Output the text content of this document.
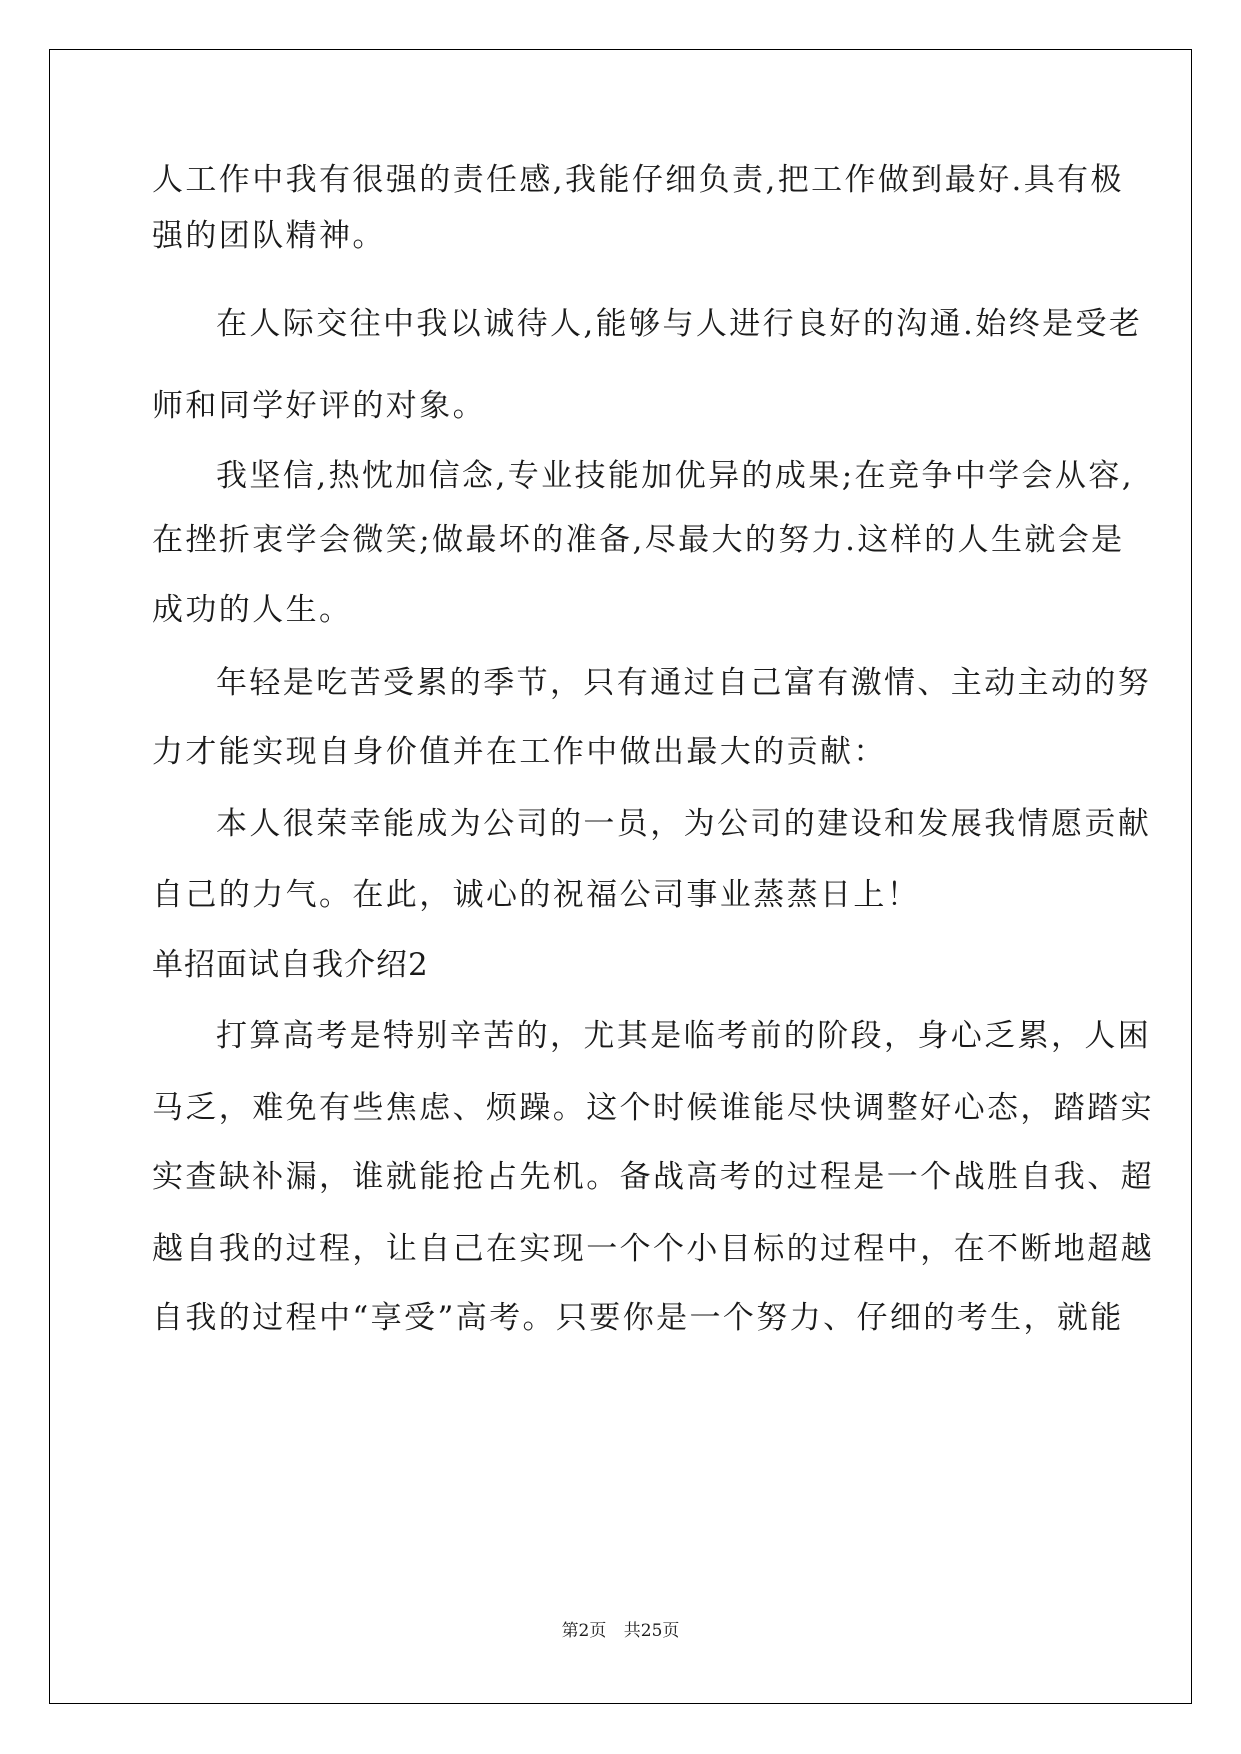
人工作中我有很强的责任感,我能仔细负责,把工作做到最好.具有极
强的团队精神。
在人际交往中我以诚待人,能够与人进行良好的沟通.始终是受老
师和同学好评的对象。
我坚信,热忱加信念,专业技能加优异的成果;在竞争中学会从容,
在挫折衷学会微笑;做最坏的准备,尽最大的努力.这样的人生就会是
成功的人生。
年轻是吃苦受累的季节，只有通过自己富有激情、主动主动的努
力才能实现自身价值并在工作中做出最大的贡献：
本人很荣幸能成为公司的一员，为公司的建设和发展我情愿贡献
自己的力气。在此，诚心的祝福公司事业蒸蒸日上！
单招面试自我介绍2
打算高考是特别辛苦的，尤其是临考前的阶段，身心乏累，人困
马乏，难免有些焦虑、烦躁。这个时候谁能尽快调整好心态，踏踏实
实查缺补漏，谁就能抢占先机。备战高考的过程是一个战胜自我、超
越自我的过程，让自己在实现一个个小目标的过程中，在不断地超越
自我的过程中“享受”高考。只要你是一个努力、仔细的考生，就能
第2页 共25页
